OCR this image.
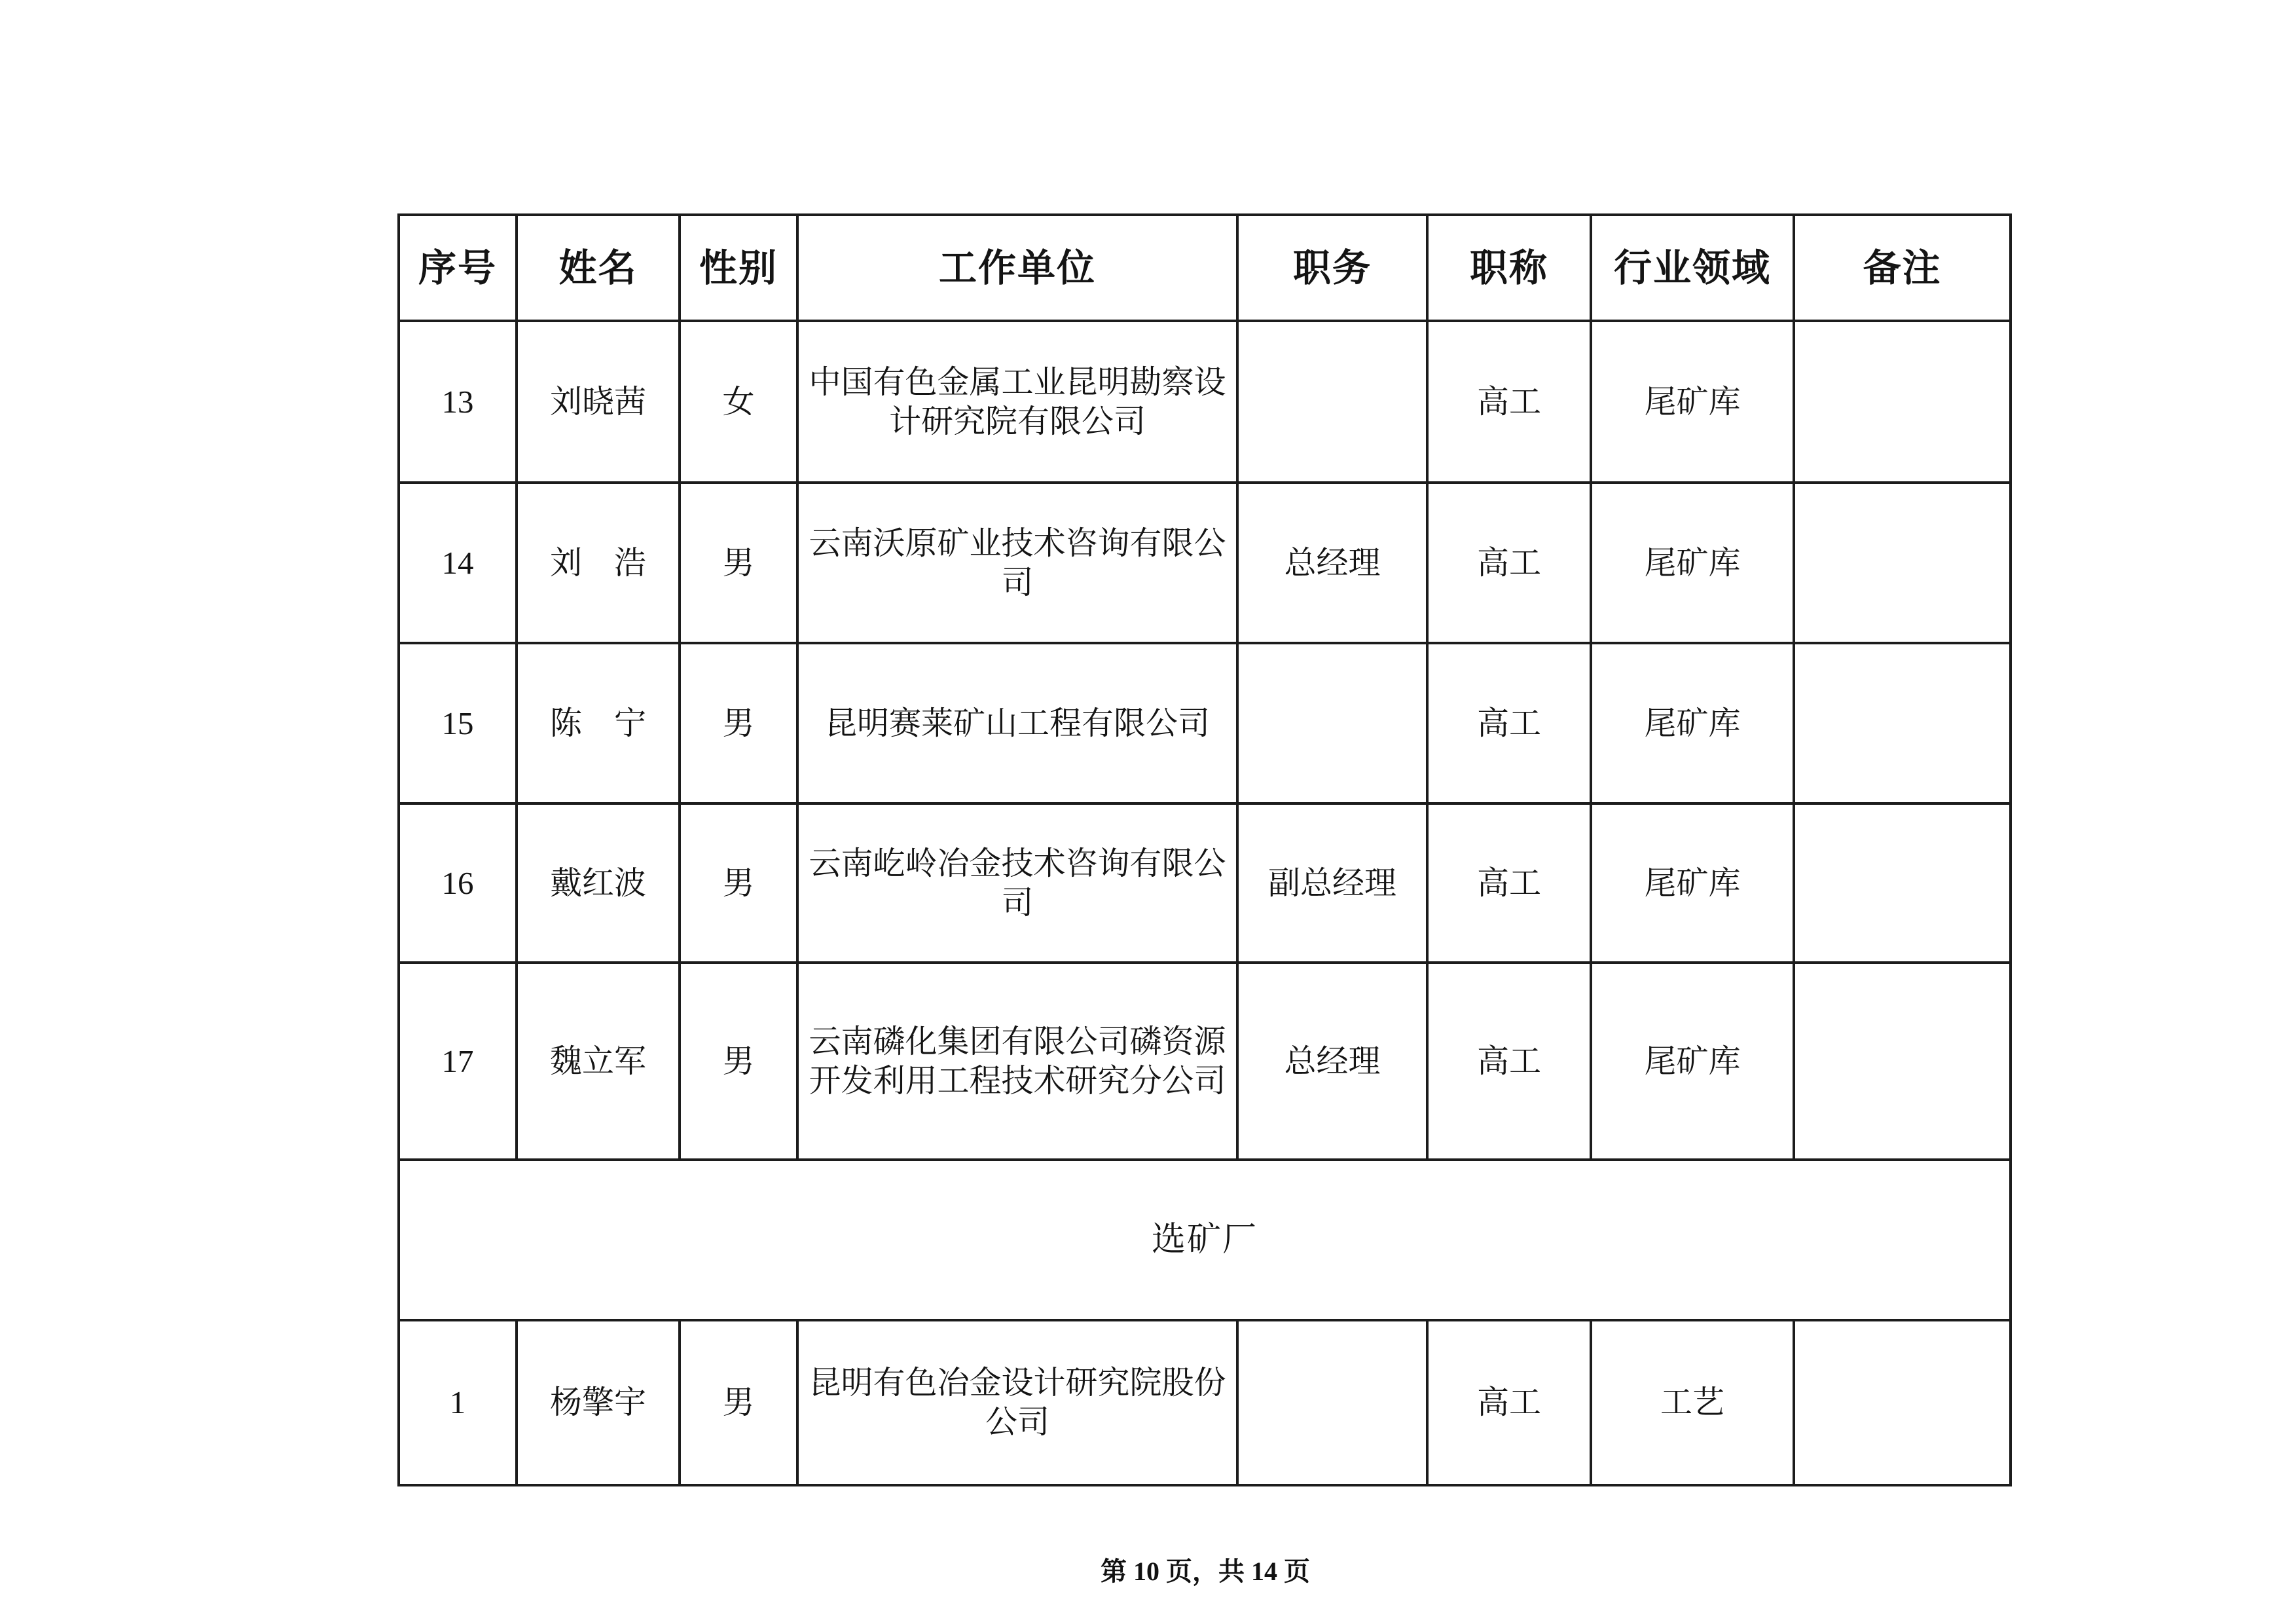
序号	姓名	性别	工作单位	职务	职称	行业领域	备注
13	刘晓茜	女	中国有色金属工业昆明勘察设计研究院有限公司		高工	尾矿库	
14	刘　浩	男	云南沃原矿业技术咨询有限公司	总经理	高工	尾矿库	
15	陈　宁	男	昆明赛莱矿山工程有限公司		高工	尾矿库	
16	戴红波	男	云南屹岭冶金技术咨询有限公司	副总经理	高工	尾矿库	
17	魏立军	男	云南磷化集团有限公司磷资源开发利用工程技术研究分公司	总经理	高工	尾矿库	
选矿厂							
1	杨擎宇	男	昆明有色冶金设计研究院股份公司		高工	工艺	
第 10 页，共 14 页
